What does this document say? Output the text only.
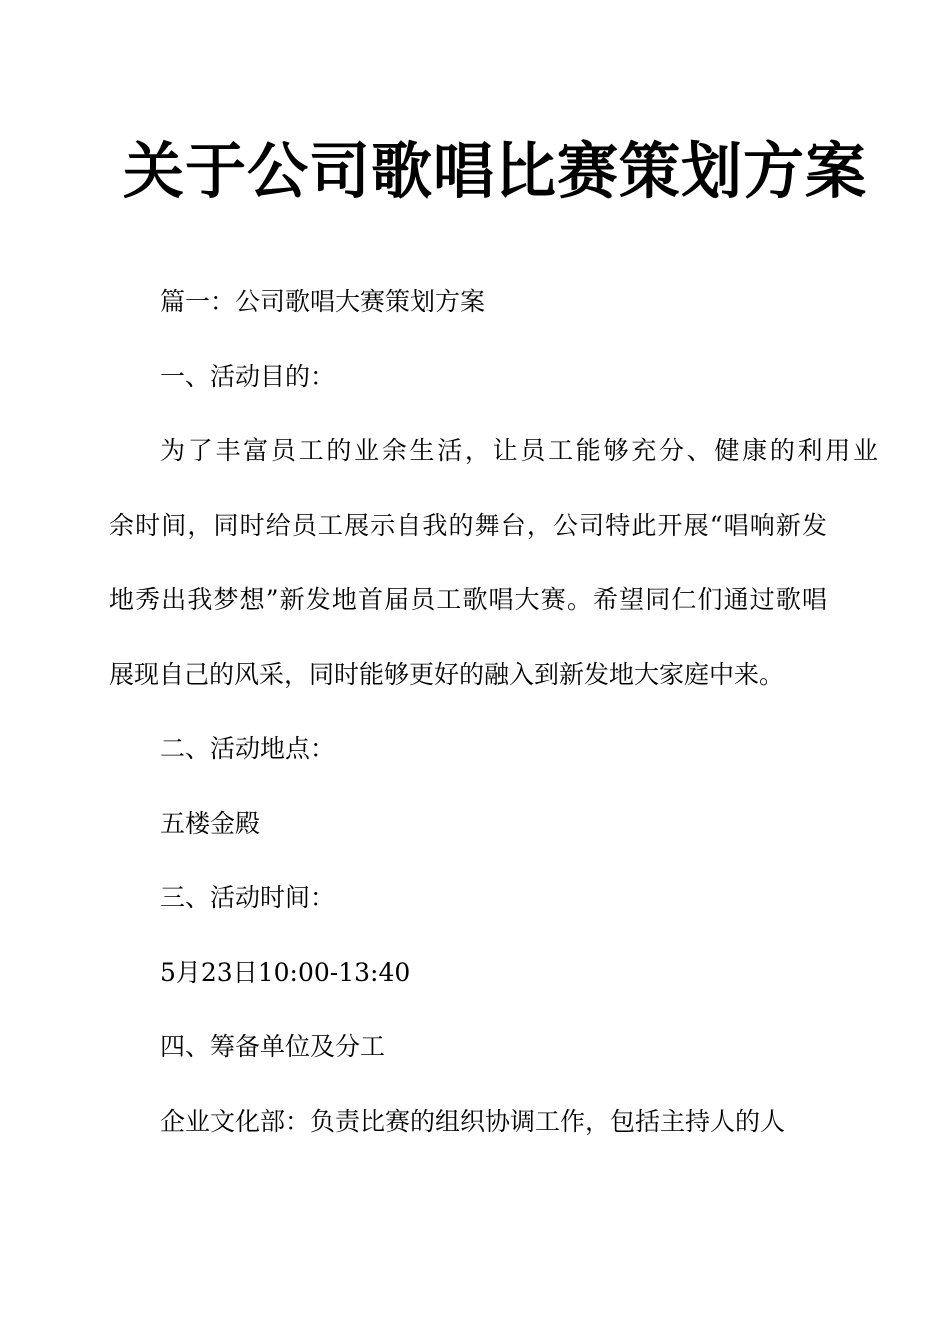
关于公司歌唱比赛策划方案
篇一：公司歌唱大赛策划方案
一、活动目的：
为了丰富员工的业余生活，让员工能够充分、健康的利用业
余时间，同时给员工展示自我的舞台，公司特此开展“唱响新发
地秀出我梦想”新发地首届员工歌唱大赛。希望同仁们通过歌唱
展现自己的风采，同时能够更好的融入到新发地大家庭中来。
二、活动地点：
五楼金殿
三、活动时间：
5月23日10:00-13:40
四、筹备单位及分工
企业文化部：负责比赛的组织协调工作，包括主持人的人
